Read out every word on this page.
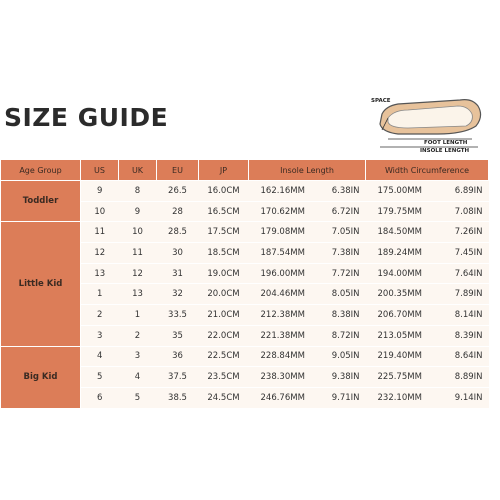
SIZE GUIDE
SPACE
FOOT LENGTH
INSOLE LENGTH
Age Group	US	UK	EU	JP	Insole Length		Width Circumference	
Toddler	9	8	26.5	16.0CM	162.16MM	6.38IN	175.00MM	6.89IN
	10	9	28	16.5CM	170.62MM	6.72IN	179.75MM	7.08IN
Little Kid	11	10	28.5	17.5CM	179.08MM	7.05IN	184.50MM	7.26IN
	12	11	30	18.5CM	187.54MM	7.38IN	189.24MM	7.45IN
	13	12	31	19.0CM	196.00MM	7.72IN	194.00MM	7.64IN
	1	13	32	20.0CM	204.46MM	8.05IN	200.35MM	7.89IN
	2	1	33.5	21.0CM	212.38MM	8.38IN	206.70MM	8.14IN
	3	2	35	22.0CM	221.38MM	8.72IN	213.05MM	8.39IN
Big Kid	4	3	36	22.5CM	228.84MM	9.05IN	219.40MM	8.64IN
	5	4	37.5	23.5CM	238.30MM	9.38IN	225.75MM	8.89IN
	6	5	38.5	24.5CM	246.76MM	9.71IN	232.10MM	9.14IN
